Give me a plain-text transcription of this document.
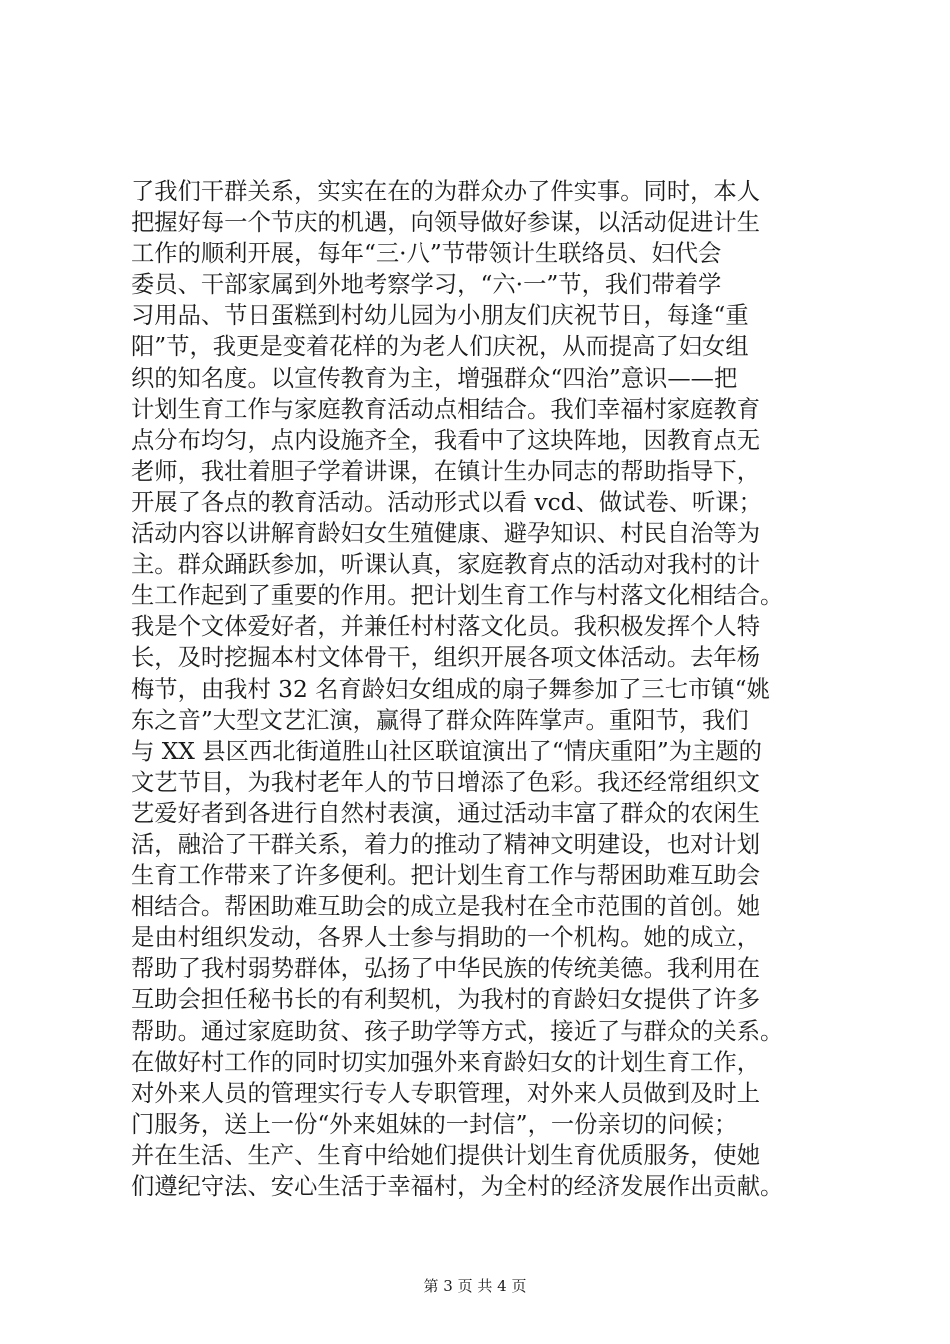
了我们干群关系，实实在在的为群众办了件实事。同时，本人
把握好每一个节庆的机遇，向领导做好参谋，以活动促进计生
工作的顺利开展，每年“三·八”节带领计生联络员、妇代会
委员、干部家属到外地考察学习，“六·一”节，我们带着学
习用品、节日蛋糕到村幼儿园为小朋友们庆祝节日，每逢“重
阳”节，我更是变着花样的为老人们庆祝，从而提高了妇女组
织的知名度。以宣传教育为主，增强群众“四治”意识——把
计划生育工作与家庭教育活动点相结合。我们幸福村家庭教育
点分布均匀，点内设施齐全，我看中了这块阵地，因教育点无
老师，我壮着胆子学着讲课，在镇计生办同志的帮助指导下，
开展了各点的教育活动。活动形式以看 vcd、做试卷、听课；
活动内容以讲解育龄妇女生殖健康、避孕知识、村民自治等为
主。群众踊跃参加，听课认真，家庭教育点的活动对我村的计
生工作起到了重要的作用。把计划生育工作与村落文化相结合。
我是个文体爱好者，并兼任村村落文化员。我积极发挥个人特
长，及时挖掘本村文体骨干，组织开展各项文体活动。去年杨
梅节，由我村 32 名育龄妇女组成的扇子舞参加了三七市镇“姚
东之音”大型文艺汇演，赢得了群众阵阵掌声。重阳节，我们
与 XX 县区西北街道胜山社区联谊演出了“情庆重阳”为主题的
文艺节目，为我村老年人的节日增添了色彩。我还经常组织文
艺爱好者到各进行自然村表演，通过活动丰富了群众的农闲生
活，融洽了干群关系，着力的推动了精神文明建设，也对计划
生育工作带来了许多便利。把计划生育工作与帮困助难互助会
相结合。帮困助难互助会的成立是我村在全市范围的首创。她
是由村组织发动，各界人士参与捐助的一个机构。她的成立，
帮助了我村弱势群体，弘扬了中华民族的传统美德。我利用在
互助会担任秘书长的有利契机，为我村的育龄妇女提供了许多
帮助。通过家庭助贫、孩子助学等方式，接近了与群众的关系。
在做好村工作的同时切实加强外来育龄妇女的计划生育工作，
对外来人员的管理实行专人专职管理，对外来人员做到及时上
门服务，送上一份“外来姐妹的一封信”，一份亲切的问候；
并在生活、生产、生育中给她们提供计划生育优质服务，使她
们遵纪守法、安心生活于幸福村，为全村的经济发展作出贡献。
第 3 页 共 4 页
